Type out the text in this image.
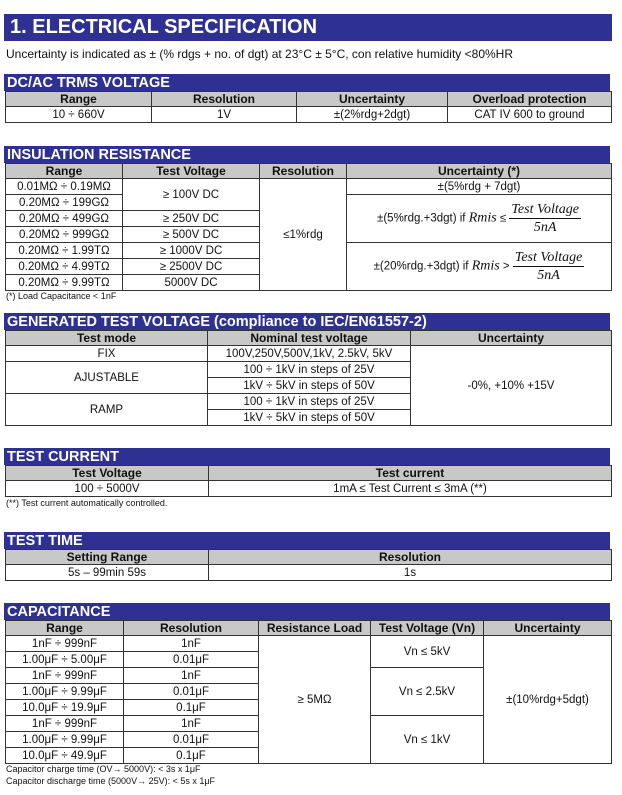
1. ELECTRICAL SPECIFICATION
Uncertainty is indicated as ± (% rdgs + no. of dgt) at 23°C ± 5°C, con relative humidity <80%HR
DC/AC TRMS VOLTAGE
Range	Resolution	Uncertainty	Overload protection
10 ÷ 660V	1V	±(2%rdg+2dgt)	CAT IV 600 to ground
INSULATION RESISTANCE
Range	Test Voltage	Resolution	Uncertainty (*)
0.01MΩ ÷ 0.19MΩ	≥ 100V DC	≤1%rdg	±(5%rdg + 7dgt)
0.20MΩ ÷ 199GΩ			±(5%rdg.+3dgt) if Rmis ≤ $\frac{\text{Test Voltage}}{5nA}$

0.20MΩ ÷ 499GΩ	≥ 250V DC		
0.20MΩ ÷ 999GΩ	≥ 500V DC		
0.20MΩ ÷ 1.99TΩ	≥ 1000V DC		±(20%rdg.+3dgt) if Rmis > $\frac{\text{Test Voltage}}{5nA}$

0.20MΩ ÷ 4.99TΩ	≥ 2500V DC		
0.20MΩ ÷ 9.99TΩ	5000V DC		
(*) Load Capacitance < 1nF
GENERATED TEST VOLTAGE (compliance to IEC/EN61557-2)
Test mode	Nominal test voltage	Uncertainty
FIX	100V,250V,500V,1kV, 2.5kV, 5kV	-0%, +10% +15V
AJUSTABLE	100 ÷ 1kV in steps of 25V	
	1kV ÷ 5kV in steps of 50V	
RAMP	100 ÷ 1kV in steps of 25V	
	1kV ÷ 5kV in steps of 50V	
TEST CURRENT
Test Voltage	Test current
100 ÷ 5000V	1mA ≤ Test Current ≤ 3mA (**)
(**) Test current automatically controlled.
TEST TIME
Setting Range	Resolution
5s – 99min 59s	1s
CAPACITANCE
Range	Resolution	Resistance Load	Test Voltage (Vn)	Uncertainty
1nF ÷ 999nF	1nF	≥ 5MΩ	Vn ≤ 5kV	±(10%rdg+5dgt)
1.00μF ÷ 5.00μF	0.01μF			
1nF ÷ 999nF	1nF		Vn ≤ 2.5kV	
1.00μF ÷ 9.99μF	0.01μF			
10.0μF ÷ 19.9μF	0.1μF			
1nF ÷ 999nF	1nF		Vn ≤ 1kV	
1.00μF ÷ 9.99μF	0.01μF			
10.0μF ÷ 49.9μF	0.1μF			
Capacitor charge time (OV→ 5000V): < 3s x 1μF
Capacitor discharge time (5000V→ 25V): < 5s x 1μF
